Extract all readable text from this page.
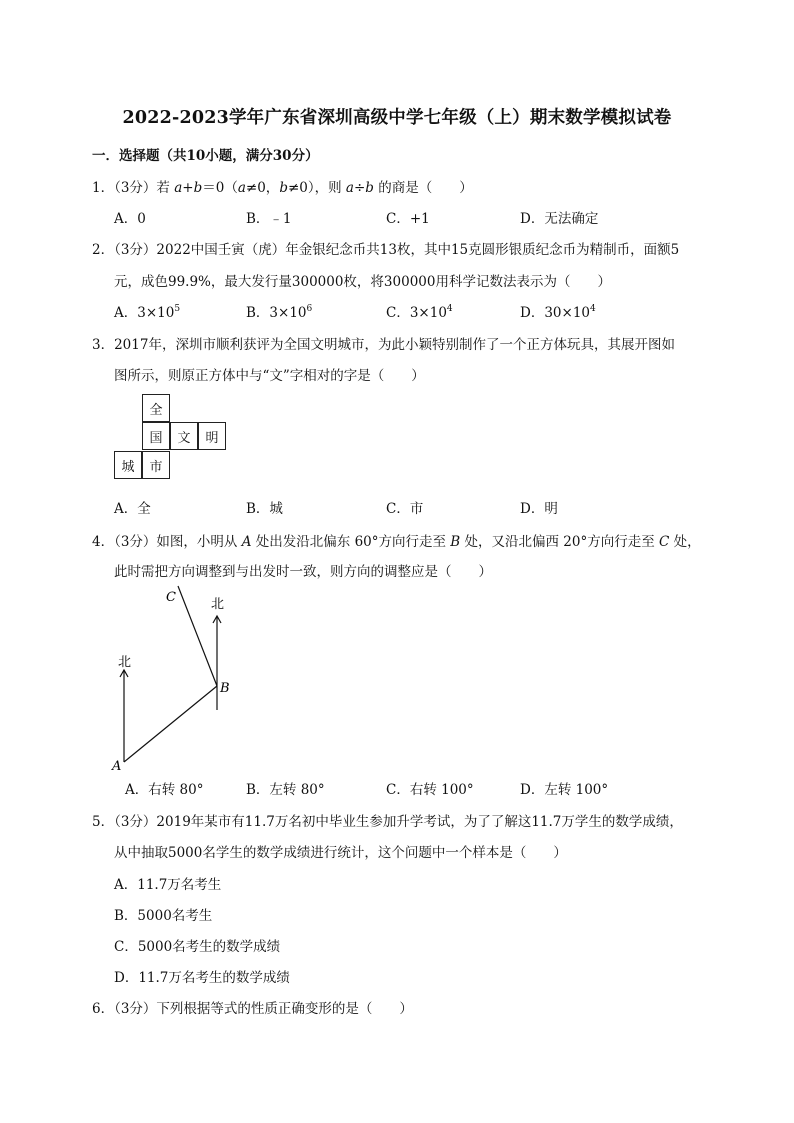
2022-2023学年广东省深圳高级中学七年级（上）期末数学模拟试卷
一．选择题（共10小题，满分30分）
1．（3分）若 a+b＝0（a≠0，b≠0），则 a÷b 的商是（　　）
A．0	B．﹣1	C．+1	D．无法确定
2．（3分）2022中国壬寅（虎）年金银纪念币共13枚，其中15克圆形银质纪念币为精制币，面额5
元，成色99.9%，最大发行量300000枚，将300000用科学记数法表示为（　　）
A．$3\times 10^5$	B．$3\times 10^6$	C．$3\times 10^4$	D．$30\times 10^4$
3．2017年，深圳市顺利获评为全国文明城市，为此小颖特别制作了一个正方体玩具，其展开图如
图所示，则原正方体中与“文”字相对的字是（　　）
全
国	文	明
城	市
A．全	B．城	C．市	D．明
4．（3分）如图，小明从 A 处出发沿北偏东 60°方向行走至 B 处，又沿北偏西 20°方向行走至 C 处，
此时需把方向调整到与出发时一致，则方向的调整应是（　　）
北
北
A
B
C
A．右转 80°	B．左转 80°	C．右转 100°	D．左转 100°
5．（3分）2019年某市有11.7万名初中毕业生参加升学考试，为了了解这11.7万学生的数学成绩，
从中抽取5000名学生的数学成绩进行统计，这个问题中一个样本是（　　）
A．11.7万名考生
B．5000名考生
C．5000名考生的数学成绩
D．11.7万名考生的数学成绩
6．（3分）下列根据等式的性质正确变形的是（　　）
